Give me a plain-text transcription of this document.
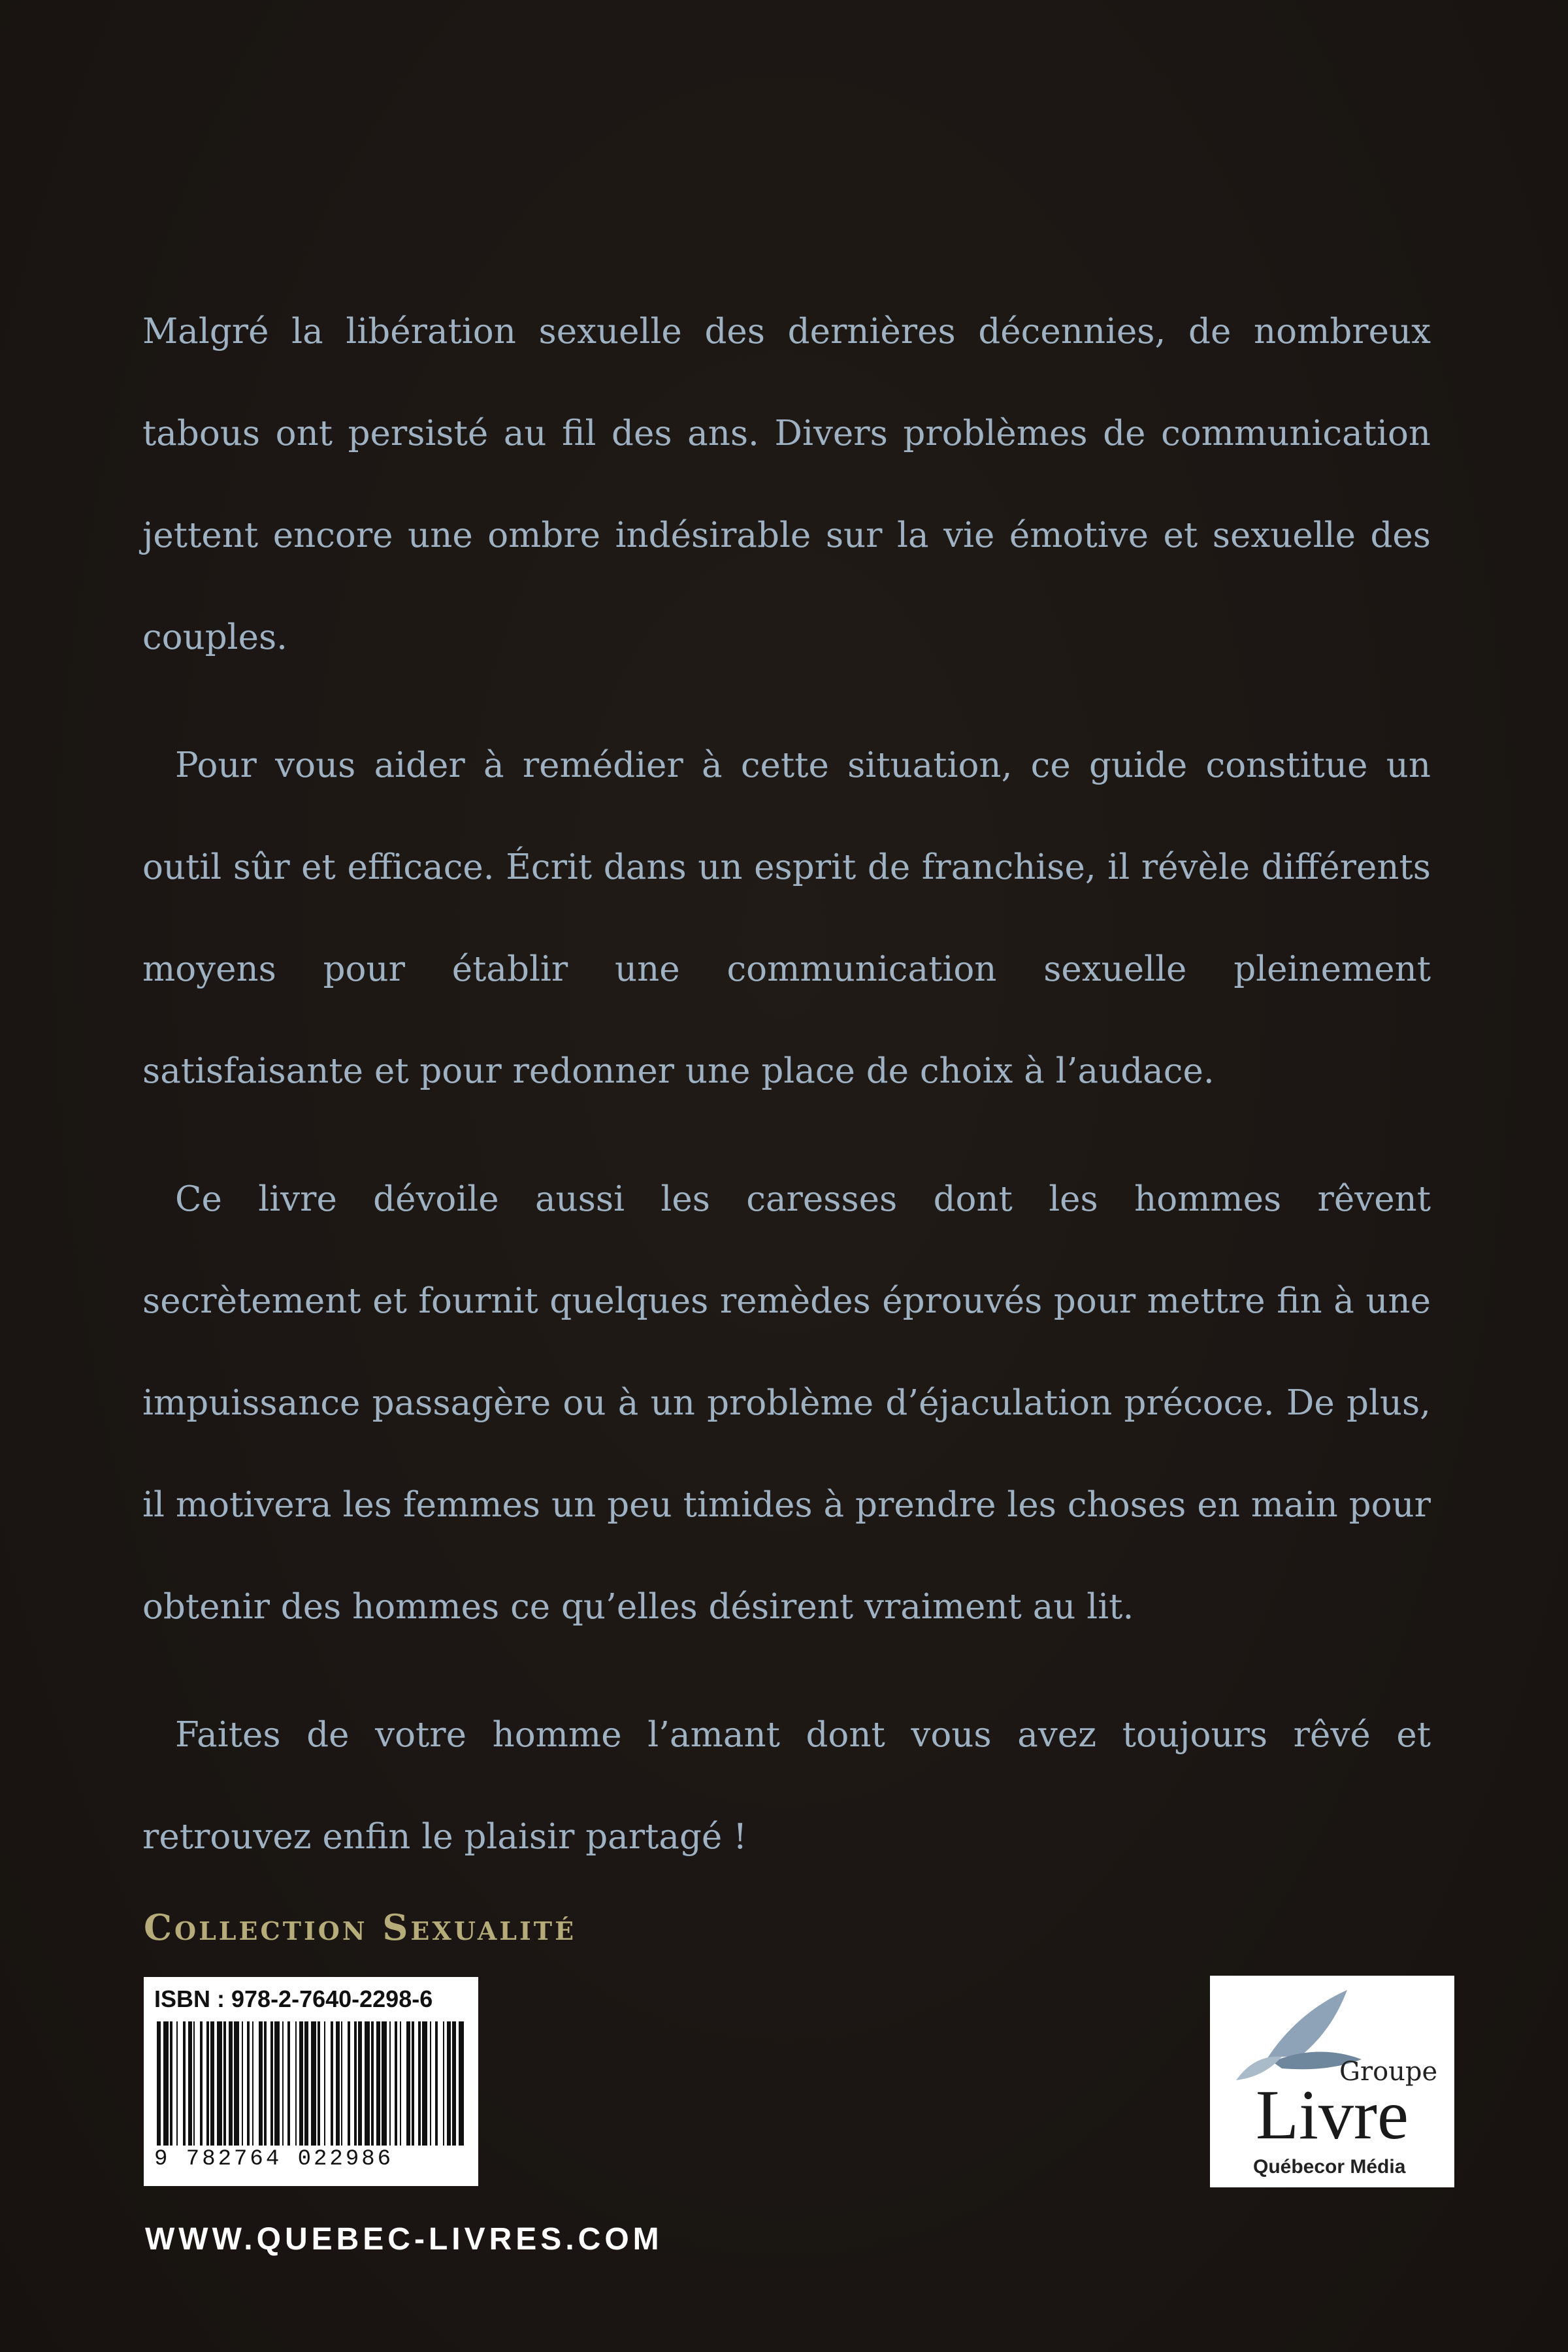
Malgré la libération sexuelle des dernières décennies, de nombreux tabous ont persisté au fil des ans. Divers problèmes de communication jettent encore une ombre indésirable sur la vie émotive et sexuelle des couples.

Pour vous aider à remédier à cette situation, ce guide constitue un outil sûr et efficace. Écrit dans un esprit de franchise, il révèle différents moyens pour établir une communication sexuelle pleinement satisfaisante et pour redonner une place de choix à l’audace.

Ce livre dévoile aussi les caresses dont les hommes rêvent secrètement et fournit quelques remèdes éprouvés pour mettre fin à une impuissance passagère ou à un problème d’éjaculation précoce. De plus, il motivera les femmes un peu timides à prendre les choses en main pour obtenir des hommes ce qu’elles désirent vraiment au lit.

Faites de votre homme l’amant dont vous avez toujours rêvé et retrouvez enfin le plaisir partagé !

Collection Sexualité
ISBN : 978-2-7640-2298-6
9 782764 022986
Groupe
Livre
Québecor Média
WWW.QUEBEC-LIVRES.COM
